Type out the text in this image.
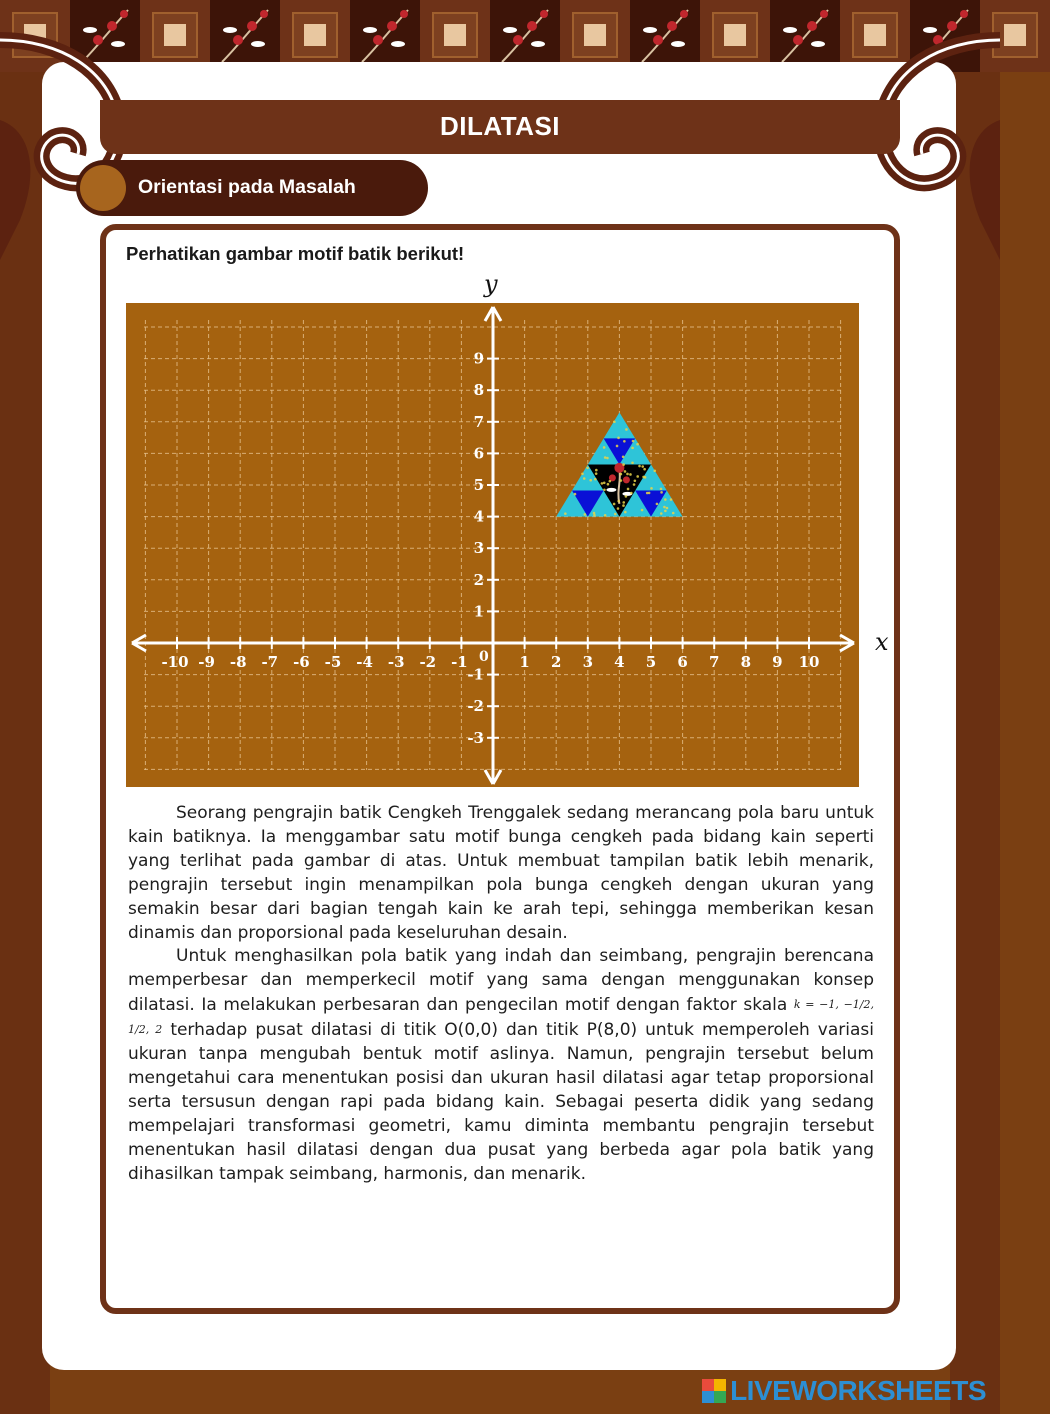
DILATASI
Orientasi pada Masalah
Perhatikan gambar motif batik berikut!
x
y
-10 -9 -8 -7 -6 -5 -4 -3 -2 -1	1 2 3 4 5 6 7 8 9 10
9
8
7
6
5
4
3
2
1
-1
-2
-3
0

Seorang pengrajin batik Cengkeh Trenggalek sedang merancang pola baru untuk kain batiknya. Ia menggambar satu motif bunga cengkeh pada bidang kain seperti yang terlihat pada gambar di atas. Untuk membuat tampilan batik lebih menarik, pengrajin tersebut ingin menampilkan pola bunga cengkeh dengan ukuran yang semakin besar dari bagian tengah kain ke arah tepi, sehingga memberikan kesan dinamis dan proporsional pada keseluruhan desain.

Untuk menghasilkan pola batik yang indah dan seimbang, pengrajin berencana memperbesar dan memperkecil motif yang sama dengan menggunakan konsep dilatasi. Ia melakukan perbesaran dan pengecilan motif dengan faktor skala k = −1, −1/2, 1/2, 2 terhadap pusat dilatasi di titik O(0,0) dan titik P(8,0) untuk memperoleh variasi ukuran tanpa mengubah bentuk motif aslinya. Namun, pengrajin tersebut belum mengetahui cara menentukan posisi dan ukuran hasil dilatasi agar tetap proporsional serta tersusun dengan rapi pada bidang kain. Sebagai peserta didik yang sedang mempelajari transformasi geometri, kamu diminta membantu pengrajin tersebut menentukan hasil dilatasi dengan dua pusat yang berbeda agar pola batik yang dihasilkan tampak seimbang, harmonis, dan menarik.

LIVEWORKSHEETS
